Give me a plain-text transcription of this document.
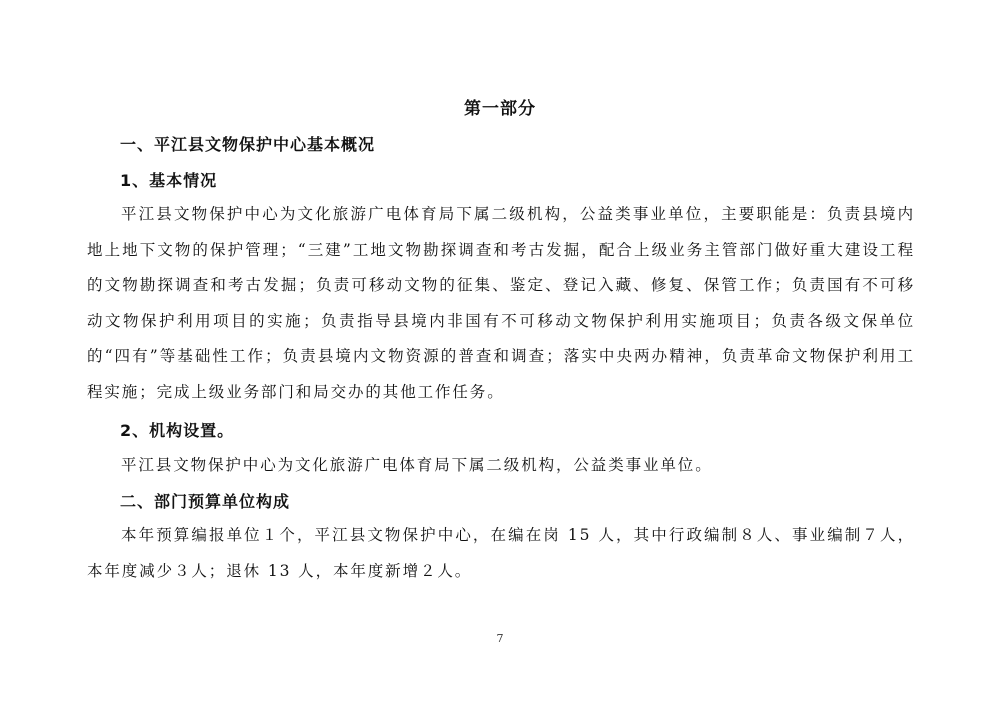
第一部分
一、平江县文物保护中心基本概况
1、基本情况

平江县文物保护中心为文化旅游广电体育局下属二级机构，公益类事业单位，主要职能是：负责县境内地上地下文物的保护管理；“三建”工地文物勘探调查和考古发掘，配合上级业务主管部门做好重大建设工程的文物勘探调查和考古发掘；负责可移动文物的征集、鉴定、登记入藏、修复、保管工作；负责国有不可移动文物保护利用项目的实施；负责指导县境内非国有不可移动文物保护利用实施项目；负责各级文保单位的“四有”等基础性工作；负责县境内文物资源的普查和调查；落实中央两办精神，负责革命文物保护利用工程实施；完成上级业务部门和局交办的其他工作任务。

2、机构设置。

平江县文物保护中心为文化旅游广电体育局下属二级机构，公益类事业单位。

二、部门预算单位构成

本年预算编报单位１个，平江县文物保护中心，在编在岗 15 人，其中行政编制８人、事业编制７人，本年度减少３人；退休 13 人，本年度新增２人。

7
